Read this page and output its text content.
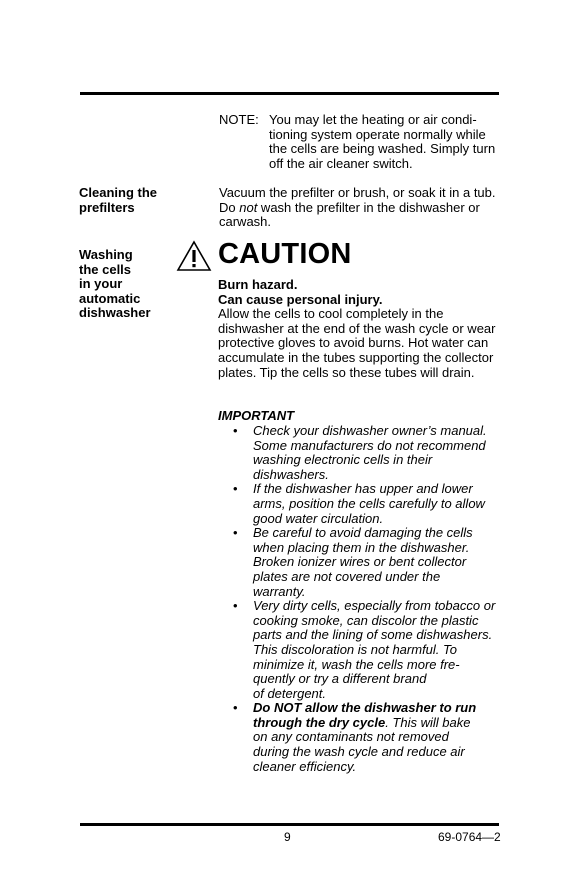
NOTE: You may let the heating or air condi-
tioning system operate normally while
the cells are being washed. Simply turn
off the air cleaner switch.
Cleaning the
prefilters
Vacuum the prefilter or brush, or soak it in a tub. Do not wash the prefilter in the dishwasher or carwash.
Washing
the cells
in your
automatic
dishwasher
CAUTION
Burn hazard.
Can cause personal injury.
Allow the cells to cool completely in the dishwasher at the end of the wash cycle or wear protective gloves to avoid burns. Hot water can accumulate in the tubes supporting the collector plates. Tip the cells so these tubes will drain.
IMPORTANT
• Check your dishwasher owner’s manual.
Some manufacturers do not recommend
washing electronic cells in their
dishwashers.
• If the dishwasher has upper and lower
arms, position the cells carefully to allow
good water circulation.
• Be careful to avoid damaging the cells
when placing them in the dishwasher.
Broken ionizer wires or bent collector
plates are not covered under the
warranty.
• Very dirty cells, especially from tobacco or
cooking smoke, can discolor the plastic
parts and the lining of some dishwashers.
This discoloration is not harmful. To
minimize it, wash the cells more fre-
quently or try a different brand
of detergent.
• Do NOT allow the dishwasher to run
through the dry cycle. This will bake
on any contaminants not removed
during the wash cycle and reduce air
cleaner efficiency.
9	69-0764—2
